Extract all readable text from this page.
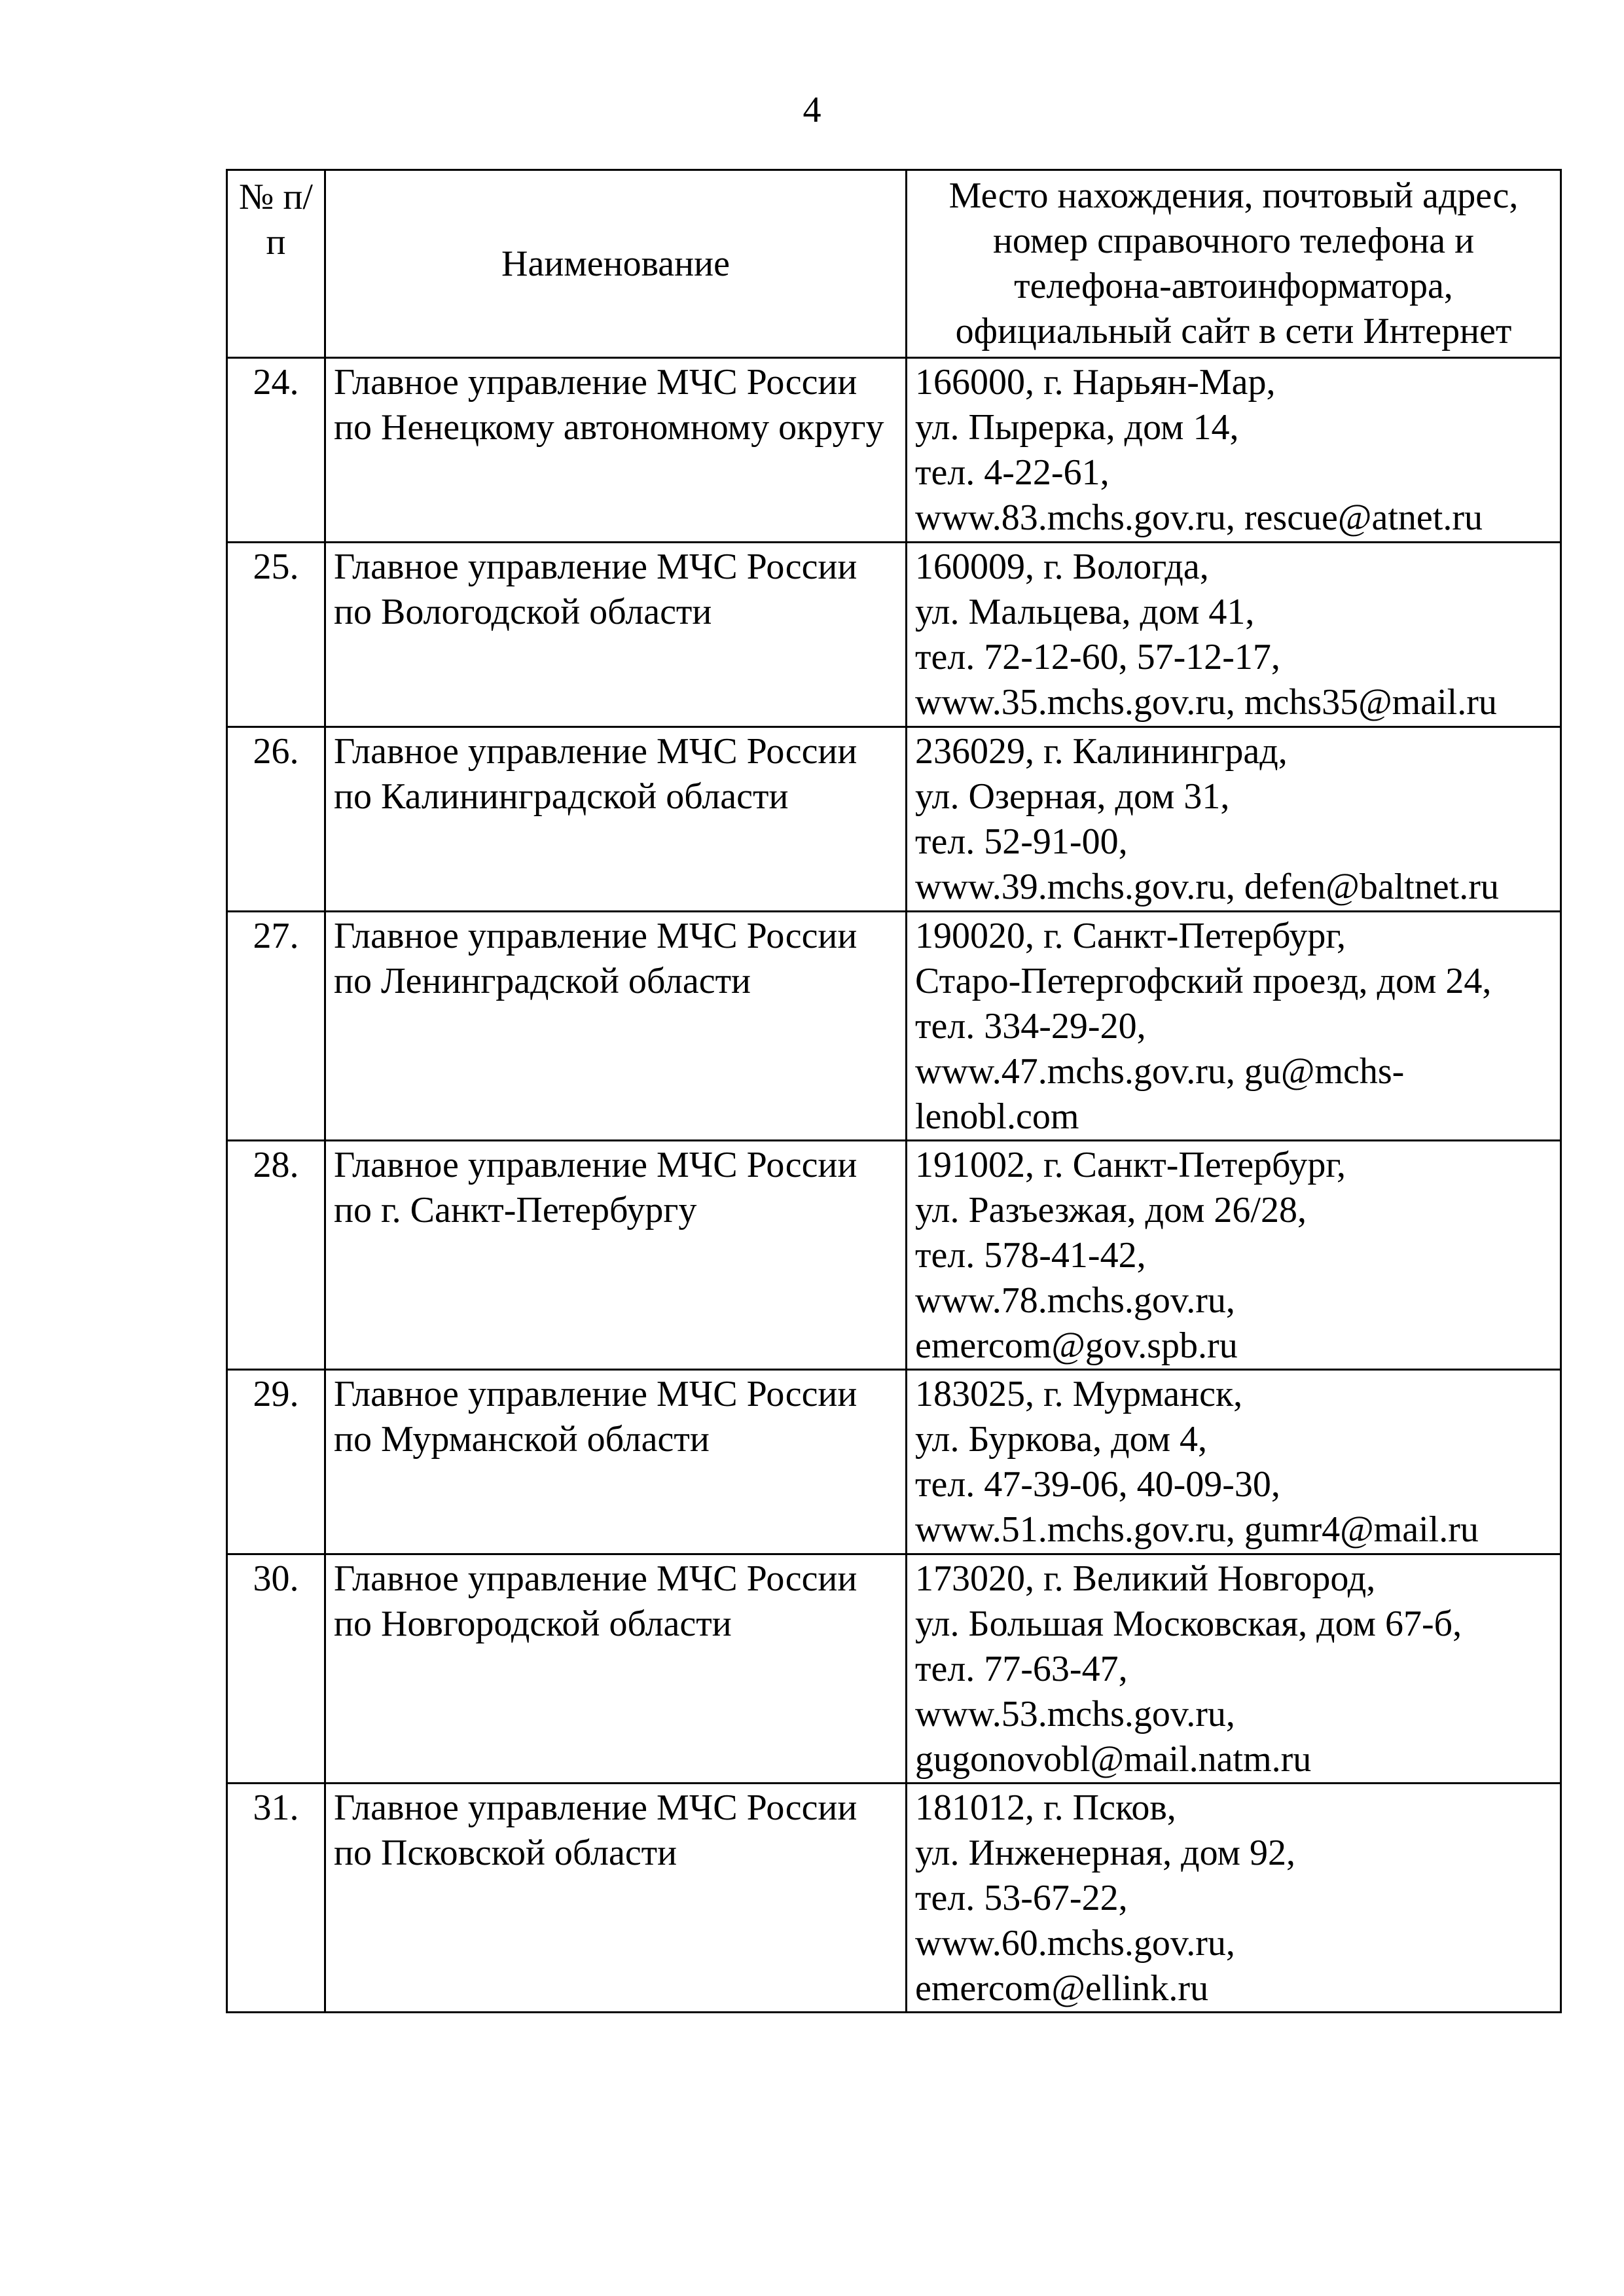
4
№ п/п	Наименование	Место нахождения, почтовый адрес, номер справочного телефона и телефона-автоинформатора, официальный сайт в сети Интернет
24.	Главное управление МЧС России по Ненецкому автономному округу	166000, г. Нарьян-Мар,
ул. Пырерка, дом 14,
тел. 4-22-61,
www.83.mchs.gov.ru, rescue@atnet.ru

25.	Главное управление МЧС России по Вологодской области	160009, г. Вологда,
ул. Мальцева, дом 41,
тел. 72-12-60, 57-12-17,
www.35.mchs.gov.ru, mchs35@mail.ru

26.	Главное управление МЧС России по Калининградской области	236029, г. Калининград,
ул. Озерная, дом 31,
тел. 52-91-00,
www.39.mchs.gov.ru, defen@baltnet.ru

27.	Главное управление МЧС России по Ленинградской области	190020, г. Санкт-Петербург,
Старо-Петергофский проезд, дом 24,
тел. 334-29-20,
www.47.mchs.gov.ru, gu@mchs-
lenobl.com

28.	Главное управление МЧС России по г. Санкт-Петербургу	191002, г. Санкт-Петербург,
ул. Разъезжая, дом 26/28,
тел. 578-41-42,
www.78.mchs.gov.ru,
emercom@gov.spb.ru

29.	Главное управление МЧС России по Мурманской области	183025, г. Мурманск,
ул. Буркова, дом 4,
тел. 47-39-06, 40-09-30,
www.51.mchs.gov.ru, gumr4@mail.ru

30.	Главное управление МЧС России по Новгородской области	173020, г. Великий Новгород,
ул. Большая Московская, дом 67-б,
тел. 77-63-47,
www.53.mchs.gov.ru,
gugonovobl@mail.natm.ru

31.	Главное управление МЧС России по Псковской области	181012, г. Псков,
ул. Инженерная, дом 92,
тел. 53-67-22,
www.60.mchs.gov.ru,
emercom@ellink.ru
